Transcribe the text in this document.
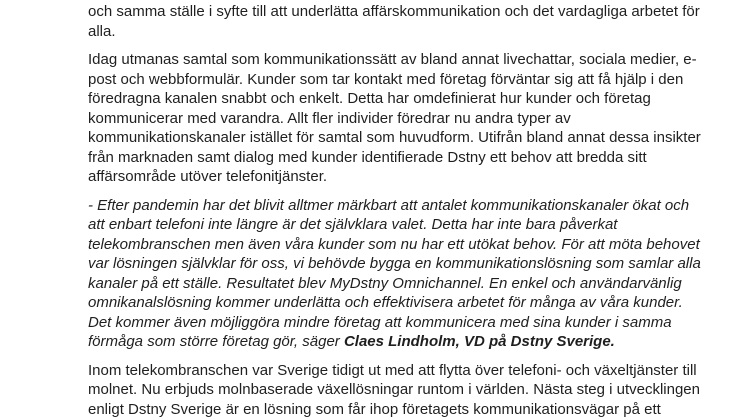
och samma ställe i syfte till att underlätta affärskommunikation och det vardagliga arbetet för
alla.
Idag utmanas samtal som kommunikationssätt av bland annat livechattar, sociala medier, e-
post och webbformulär. Kunder som tar kontakt med företag förväntar sig att få hjälp i den
föredragna kanalen snabbt och enkelt. Detta har omdefinierat hur kunder och företag
kommunicerar med varandra. Allt fler individer föredrar nu andra typer av
kommunikationskanaler istället för samtal som huvudform. Utifrån bland annat dessa insikter
från marknaden samt dialog med kunder identifierade Dstny ett behov att bredda sitt
affärsområde utöver telefonitjänster.
- Efter pandemin har det blivit alltmer märkbart att antalet kommunikationskanaler ökat och
att enbart telefoni inte längre är det självklara valet. Detta har inte bara påverkat
telekombranschen men även våra kunder som nu har ett utökat behov. För att möta behovet
var lösningen självklar för oss, vi behövde bygga en kommunikationslösning som samlar alla
kanaler på ett ställe. Resultatet blev MyDstny Omnichannel. En enkel och användarvänlig
omnikanalslösning kommer underlätta och effektivisera arbetet för många av våra kunder.
Det kommer även möjliggöra mindre företag att kommunicera med sina kunder i samma
förmåga som större företag gör, säger Claes Lindholm, VD på Dstny Sverige.
Inom telekombranschen var Sverige tidigt ut med att flytta över telefoni- och växeltjänster till
molnet. Nu erbjuds molnbaserade växellösningar runtom i världen. Nästa steg i utvecklingen
enligt Dstny Sverige är en lösning som får ihop företagets kommunikationsvägar på ett
